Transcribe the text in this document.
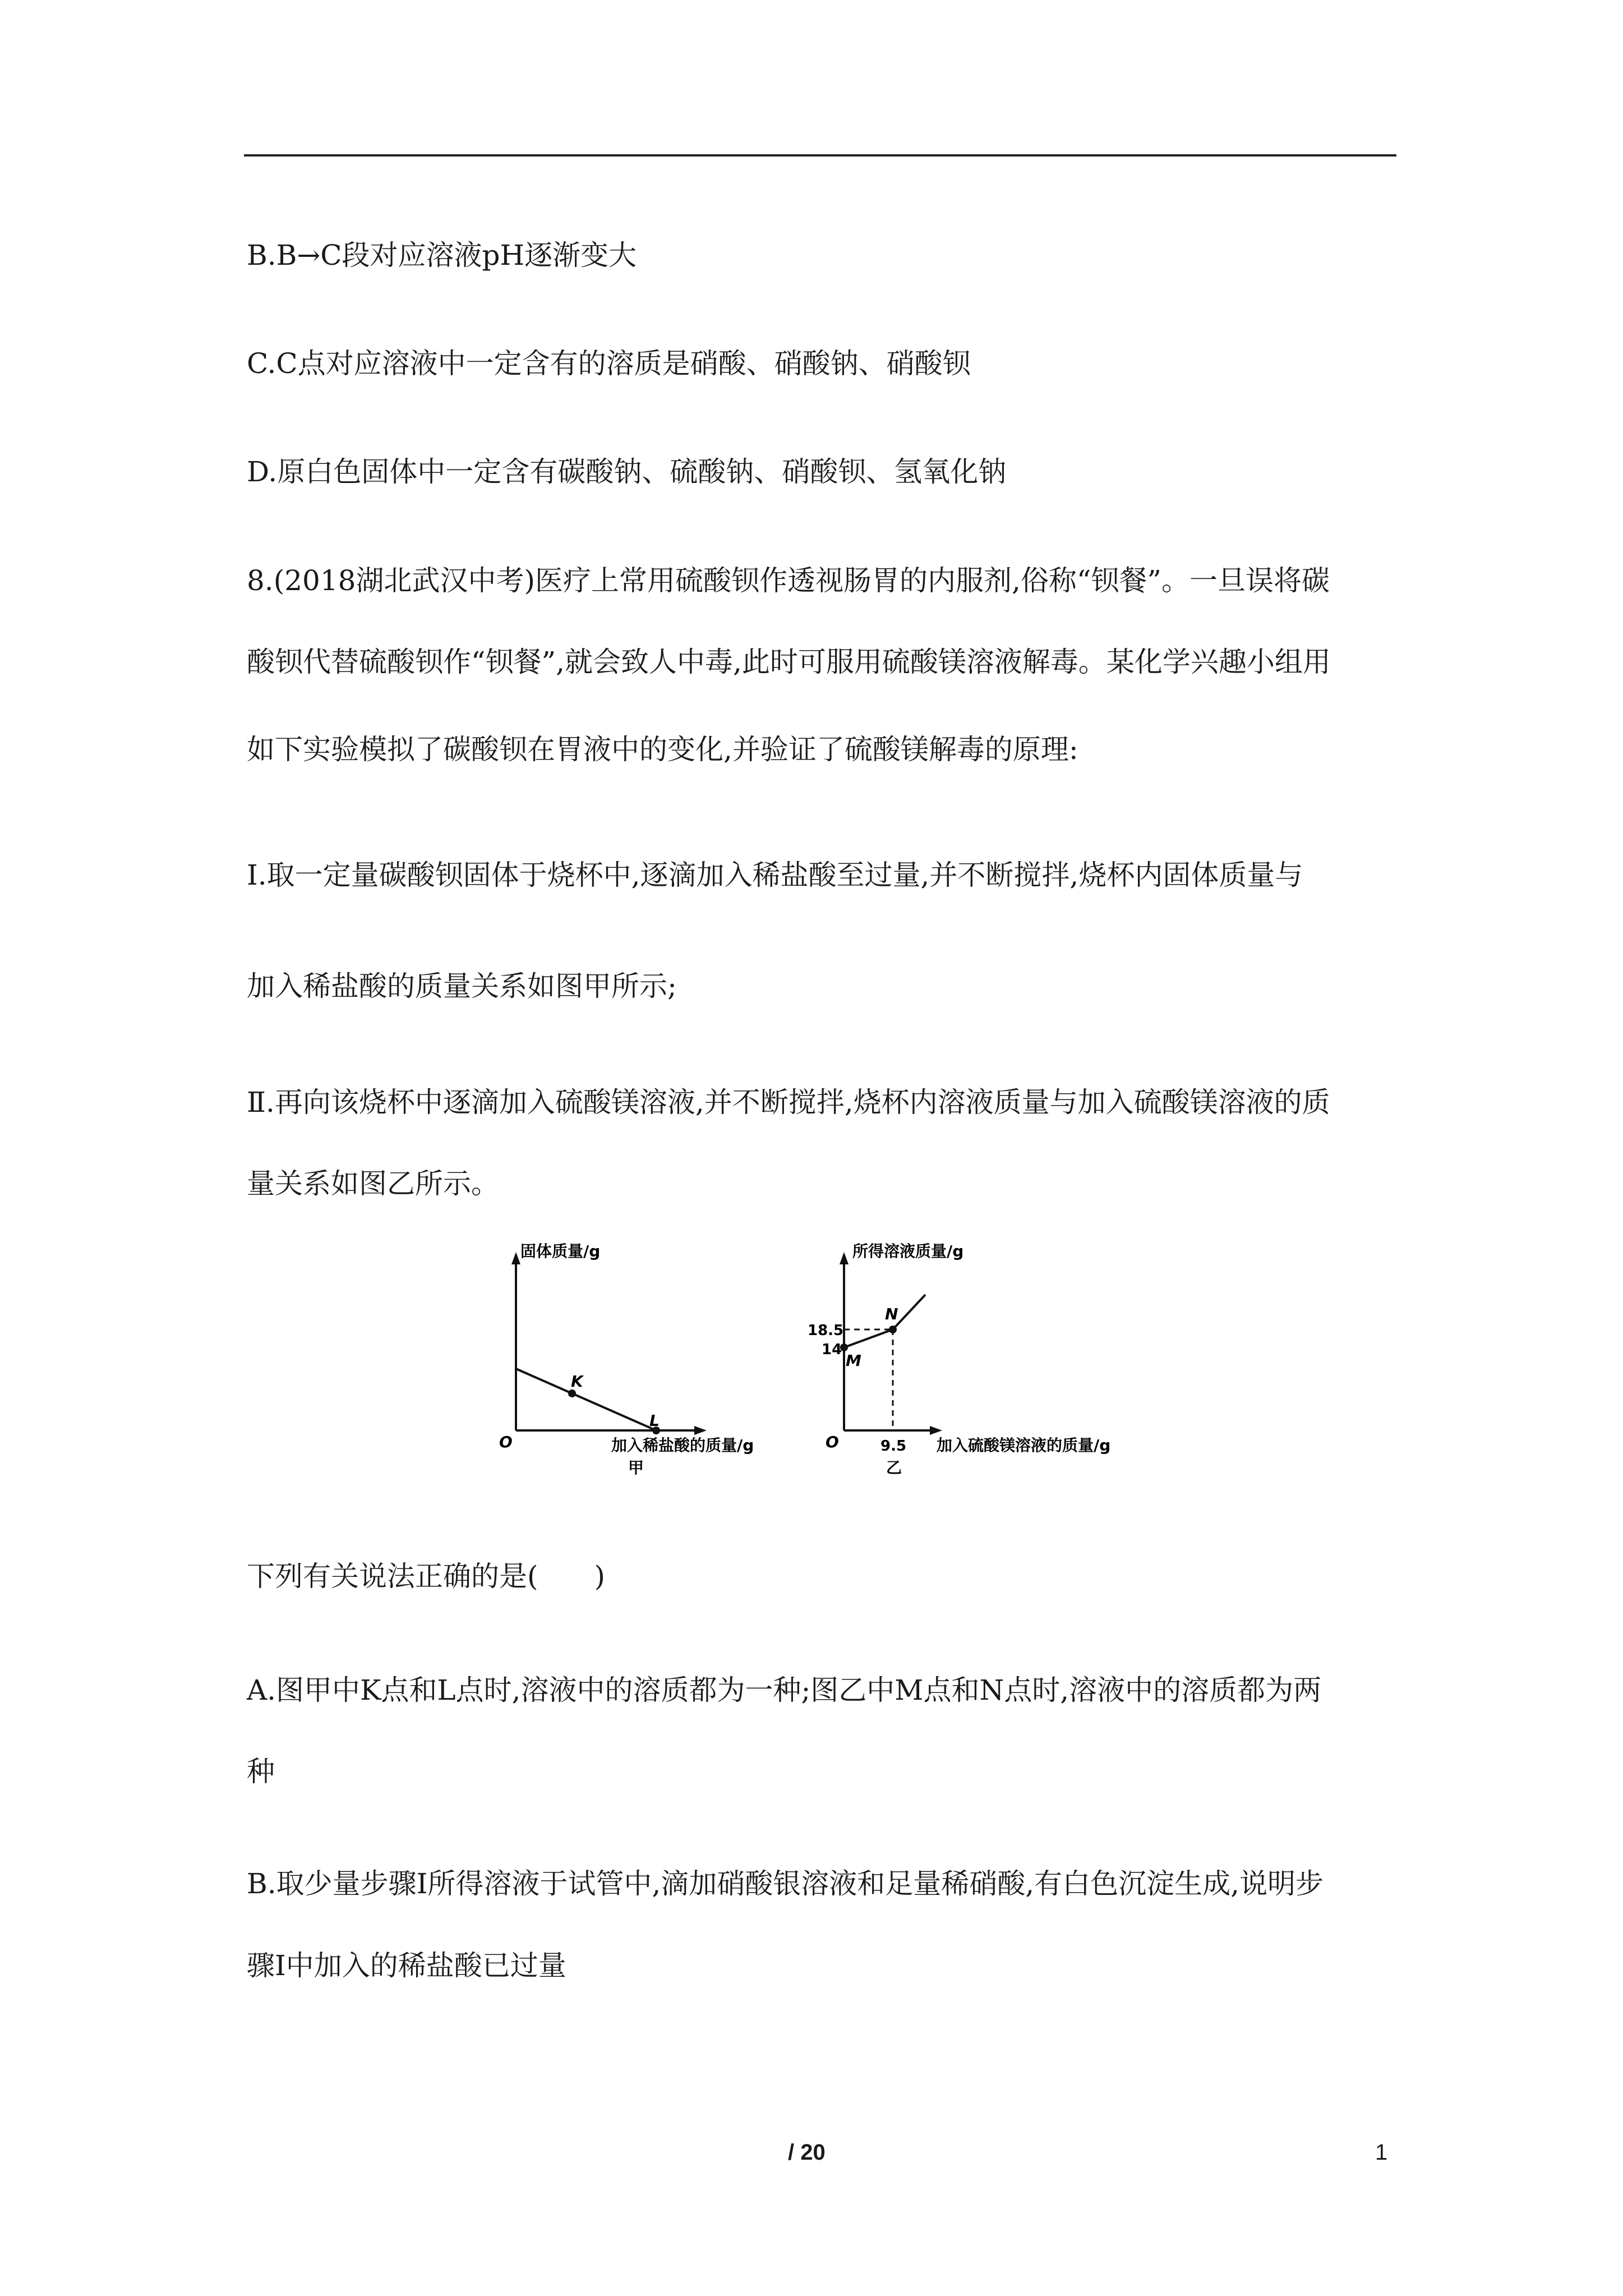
B.B→C段对应溶液pH逐渐变大
C.C点对应溶液中一定含有的溶质是硝酸、硝酸钠、硝酸钡
D.原白色固体中一定含有碳酸钠、硫酸钠、硝酸钡、氢氧化钠
8.(2018湖北武汉中考)医疗上常用硫酸钡作透视肠胃的内服剂,俗称“钡餐”。一旦误将碳
酸钡代替硫酸钡作“钡餐”,就会致人中毒,此时可服用硫酸镁溶液解毒。某化学兴趣小组用
如下实验模拟了碳酸钡在胃液中的变化,并验证了硫酸镁解毒的原理:
Ⅰ.取一定量碳酸钡固体于烧杯中,逐滴加入稀盐酸至过量,并不断搅拌,烧杯内固体质量与
加入稀盐酸的质量关系如图甲所示;
Ⅱ.再向该烧杯中逐滴加入硫酸镁溶液,并不断搅拌,烧杯内溶液质量与加入硫酸镁溶液的质
量关系如图乙所示。
固体质量/g
O
K
L
加入稀盐酸的质量/g
甲
所得溶液质量/g
18.5
14
M
N
O	9.5 加入硫酸镁溶液的质量/g
乙
下列有关说法正确的是(　　)
A.图甲中K点和L点时,溶液中的溶质都为一种;图乙中M点和N点时,溶液中的溶质都为两
种
B.取少量步骤Ⅰ所得溶液于试管中,滴加硝酸银溶液和足量稀硝酸,有白色沉淀生成,说明步
骤Ⅰ中加入的稀盐酸已过量
/ 20	1
